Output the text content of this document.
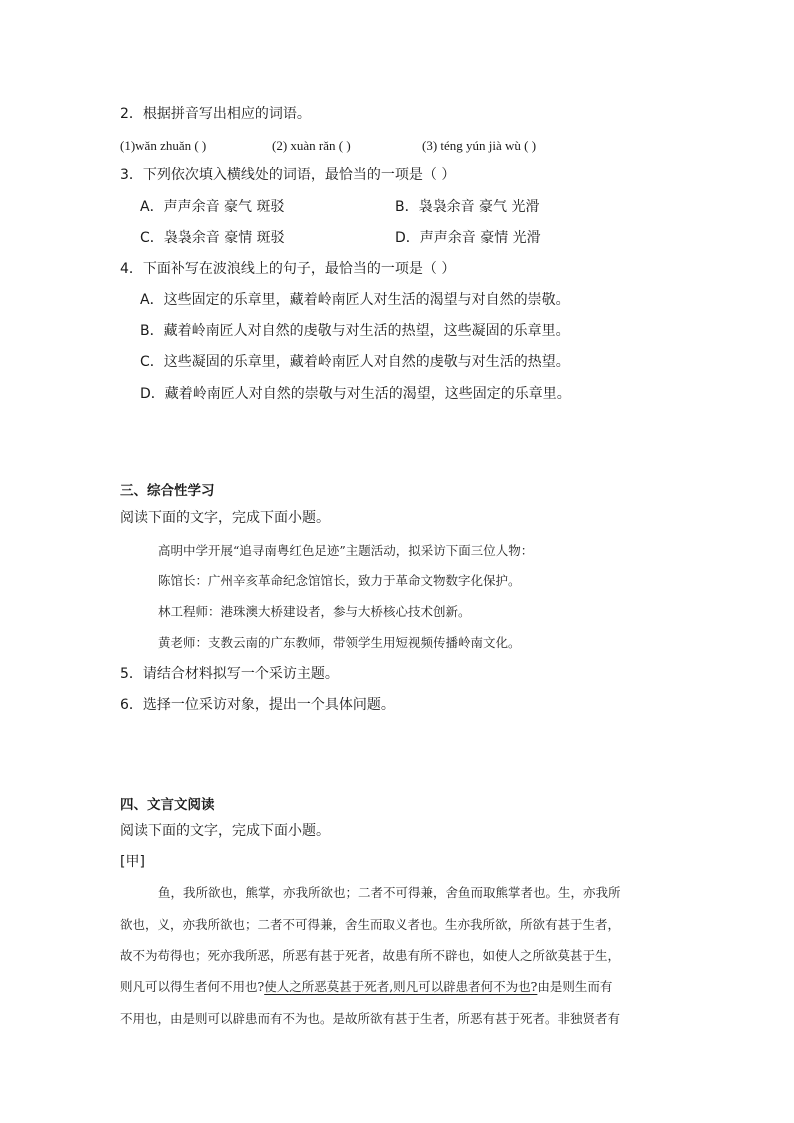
2．根据拼音写出相应的词语。
(1)wǎn zhuǎn ( )	(2) xuàn rǎn ( )	(3) téng yún jià wù ( )
3．下列依次填入横线处的词语，最恰当的一项是（ ）
A．声声余音 豪气 斑驳	B．袅袅余音 豪气 光滑
C．袅袅余音 豪情 斑驳	D．声声余音 豪情 光滑
4．下面补写在波浪线上的句子，最恰当的一项是（ ）
A．这些固定的乐章里，藏着岭南匠人对生活的渴望与对自然的崇敬。
B．藏着岭南匠人对自然的虔敬与对生活的热望，这些凝固的乐章里。
C．这些凝固的乐章里，藏着岭南匠人对自然的虔敬与对生活的热望。
D．藏着岭南匠人对自然的崇敬与对生活的渴望，这些固定的乐章里。
三、综合性学习
阅读下面的文字，完成下面小题。
高明中学开展“追寻南粤红色足迹”主题活动，拟采访下面三位人物：
陈馆长：广州辛亥革命纪念馆馆长，致力于革命文物数字化保护。
林工程师：港珠澳大桥建设者，参与大桥核心技术创新。
黄老师：支教云南的广东教师，带领学生用短视频传播岭南文化。
5．请结合材料拟写一个采访主题。
6．选择一位采访对象，提出一个具体问题。
四、文言文阅读
阅读下面的文字，完成下面小题。
[甲]
鱼，我所欲也，熊掌，亦我所欲也；二者不可得兼，舍鱼而取熊掌者也。生，亦我所
欲也，义，亦我所欲也；二者不可得兼，舍生而取义者也。生亦我所欲，所欲有甚于生者，
故不为苟得也；死亦我所恶，所恶有甚于死者，故患有所不辟也，如使人之所欲莫甚于生，
则凡可以得生者何不用也?使人之所恶莫甚于死者,则凡可以辟患者何不为也?由是则生而有
不用也，由是则可以辟患而有不为也。是故所欲有甚于生者，所恶有甚于死者。非独贤者有
